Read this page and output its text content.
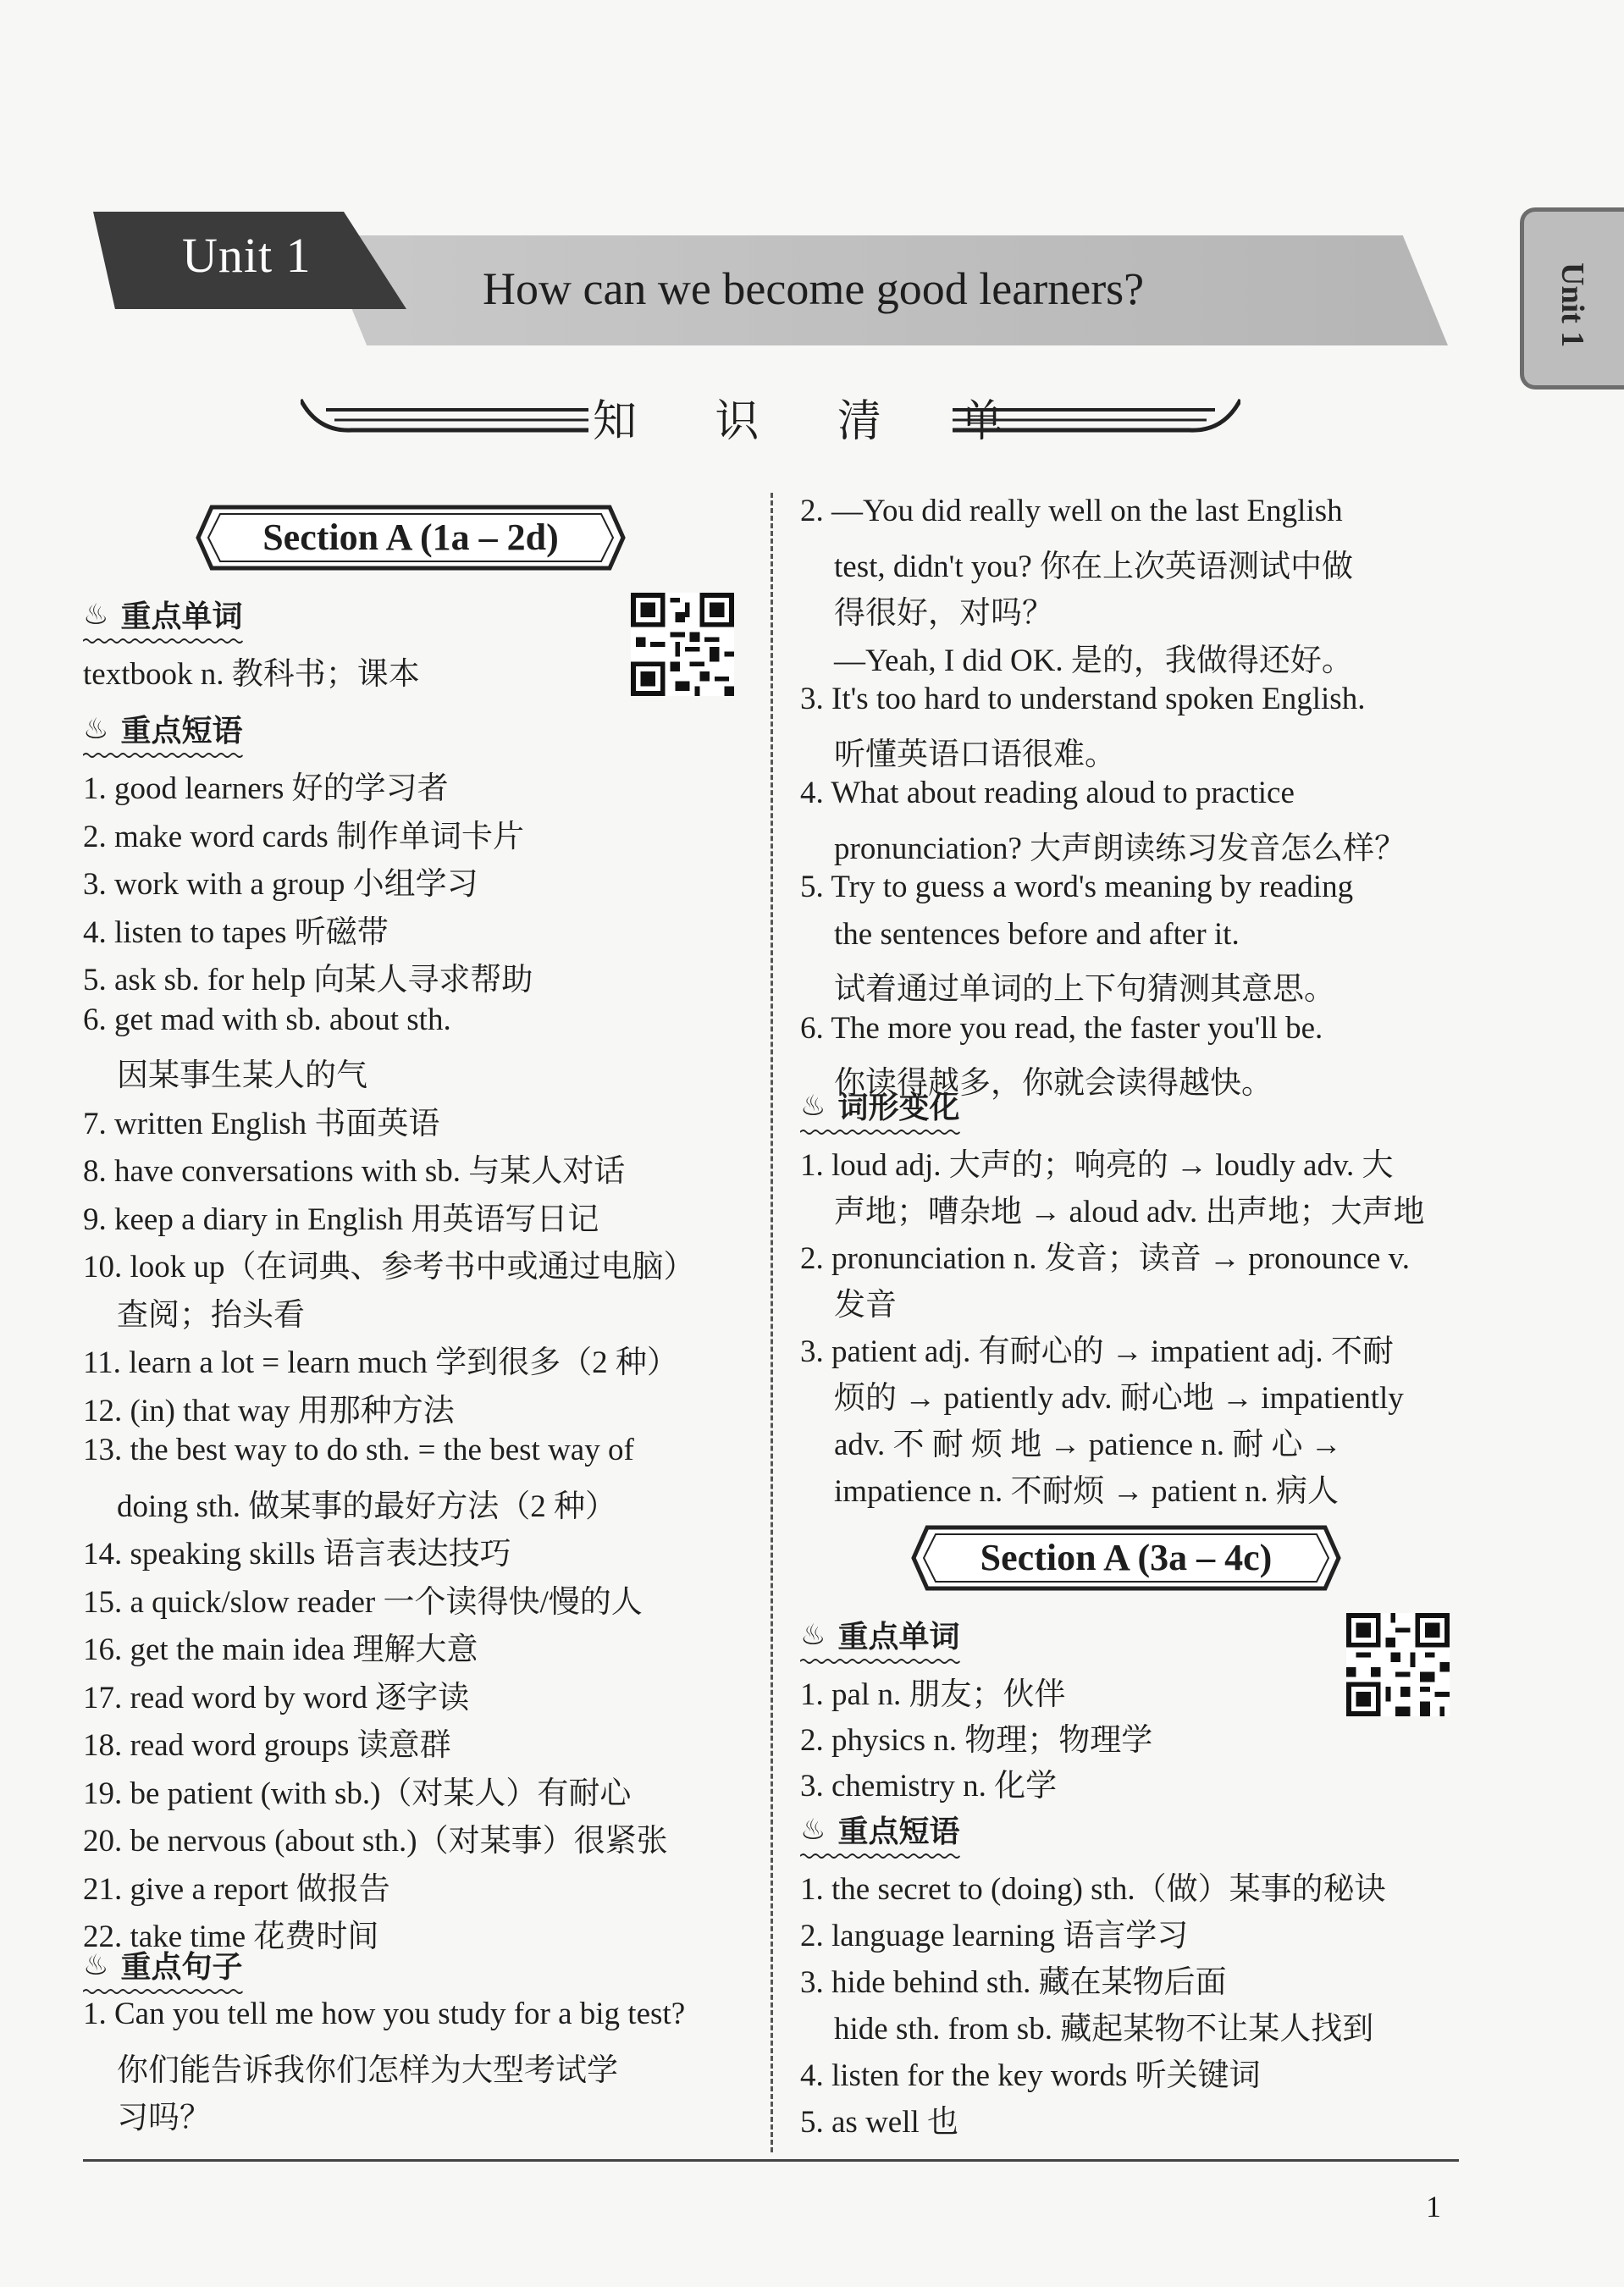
Unit 1
Unit 1
How can we become good learners?
知 识 清 单
Section A (1a – 2d)
♨ 重点单词
textbook n. 教科书；课本
♨ 重点短语
1. good learners 好的学习者
2. make word cards 制作单词卡片
3. work with a group 小组学习
4. listen to tapes 听磁带
5. ask sb. for help 向某人寻求帮助
6. get mad with sb. about sth.
因某事生某人的气
7. written English 书面英语
8. have conversations with sb. 与某人对话
9. keep a diary in English 用英语写日记
10. look up（在词典、参考书中或通过电脑）
查阅；抬头看
11. learn a lot = learn much 学到很多（2 种）
12. (in) that way 用那种方法
13. the best way to do sth. = the best way of
doing sth. 做某事的最好方法（2 种）
14. speaking skills 语言表达技巧
15. a quick/slow reader 一个读得快/慢的人
16. get the main idea 理解大意
17. read word by word 逐字读
18. read word groups 读意群
19. be patient (with sb.)（对某人）有耐心
20. be nervous (about sth.)（对某事）很紧张
21. give a report 做报告
22. take time 花费时间
♨ 重点句子
1. Can you tell me how you study for a big test?
你们能告诉我你们怎样为大型考试学
习吗？
2. —You did really well on the last English
test, didn't you? 你在上次英语测试中做
得很好，对吗？
—Yeah, I did OK. 是的，我做得还好。
3. It's too hard to understand spoken English.
听懂英语口语很难。
4. What about reading aloud to practice
pronunciation? 大声朗读练习发音怎么样？
5. Try to guess a word's meaning by reading
the sentences before and after it.
试着通过单词的上下句猜测其意思。
6. The more you read, the faster you'll be.
你读得越多，你就会读得越快。
♨ 词形变化
1. loud adj. 大声的；响亮的 → loudly adv. 大
声地；嘈杂地 → aloud adv. 出声地；大声地
2. pronunciation n. 发音；读音 → pronounce v.
发音
3. patient adj. 有耐心的 → impatient adj. 不耐
烦的 → patiently adv. 耐心地 → impatiently
adv. 不 耐 烦 地 → patience n. 耐 心 →
impatience n. 不耐烦 → patient n. 病人
Section A (3a – 4c)
♨ 重点单词
1. pal n. 朋友；伙伴
2. physics n. 物理；物理学
3. chemistry n. 化学
♨ 重点短语
1. the secret to (doing) sth.（做）某事的秘诀
2. language learning 语言学习
3. hide behind sth. 藏在某物后面
hide sth. from sb. 藏起某物不让某人找到
4. listen for the key words 听关键词
5. as well 也
1
